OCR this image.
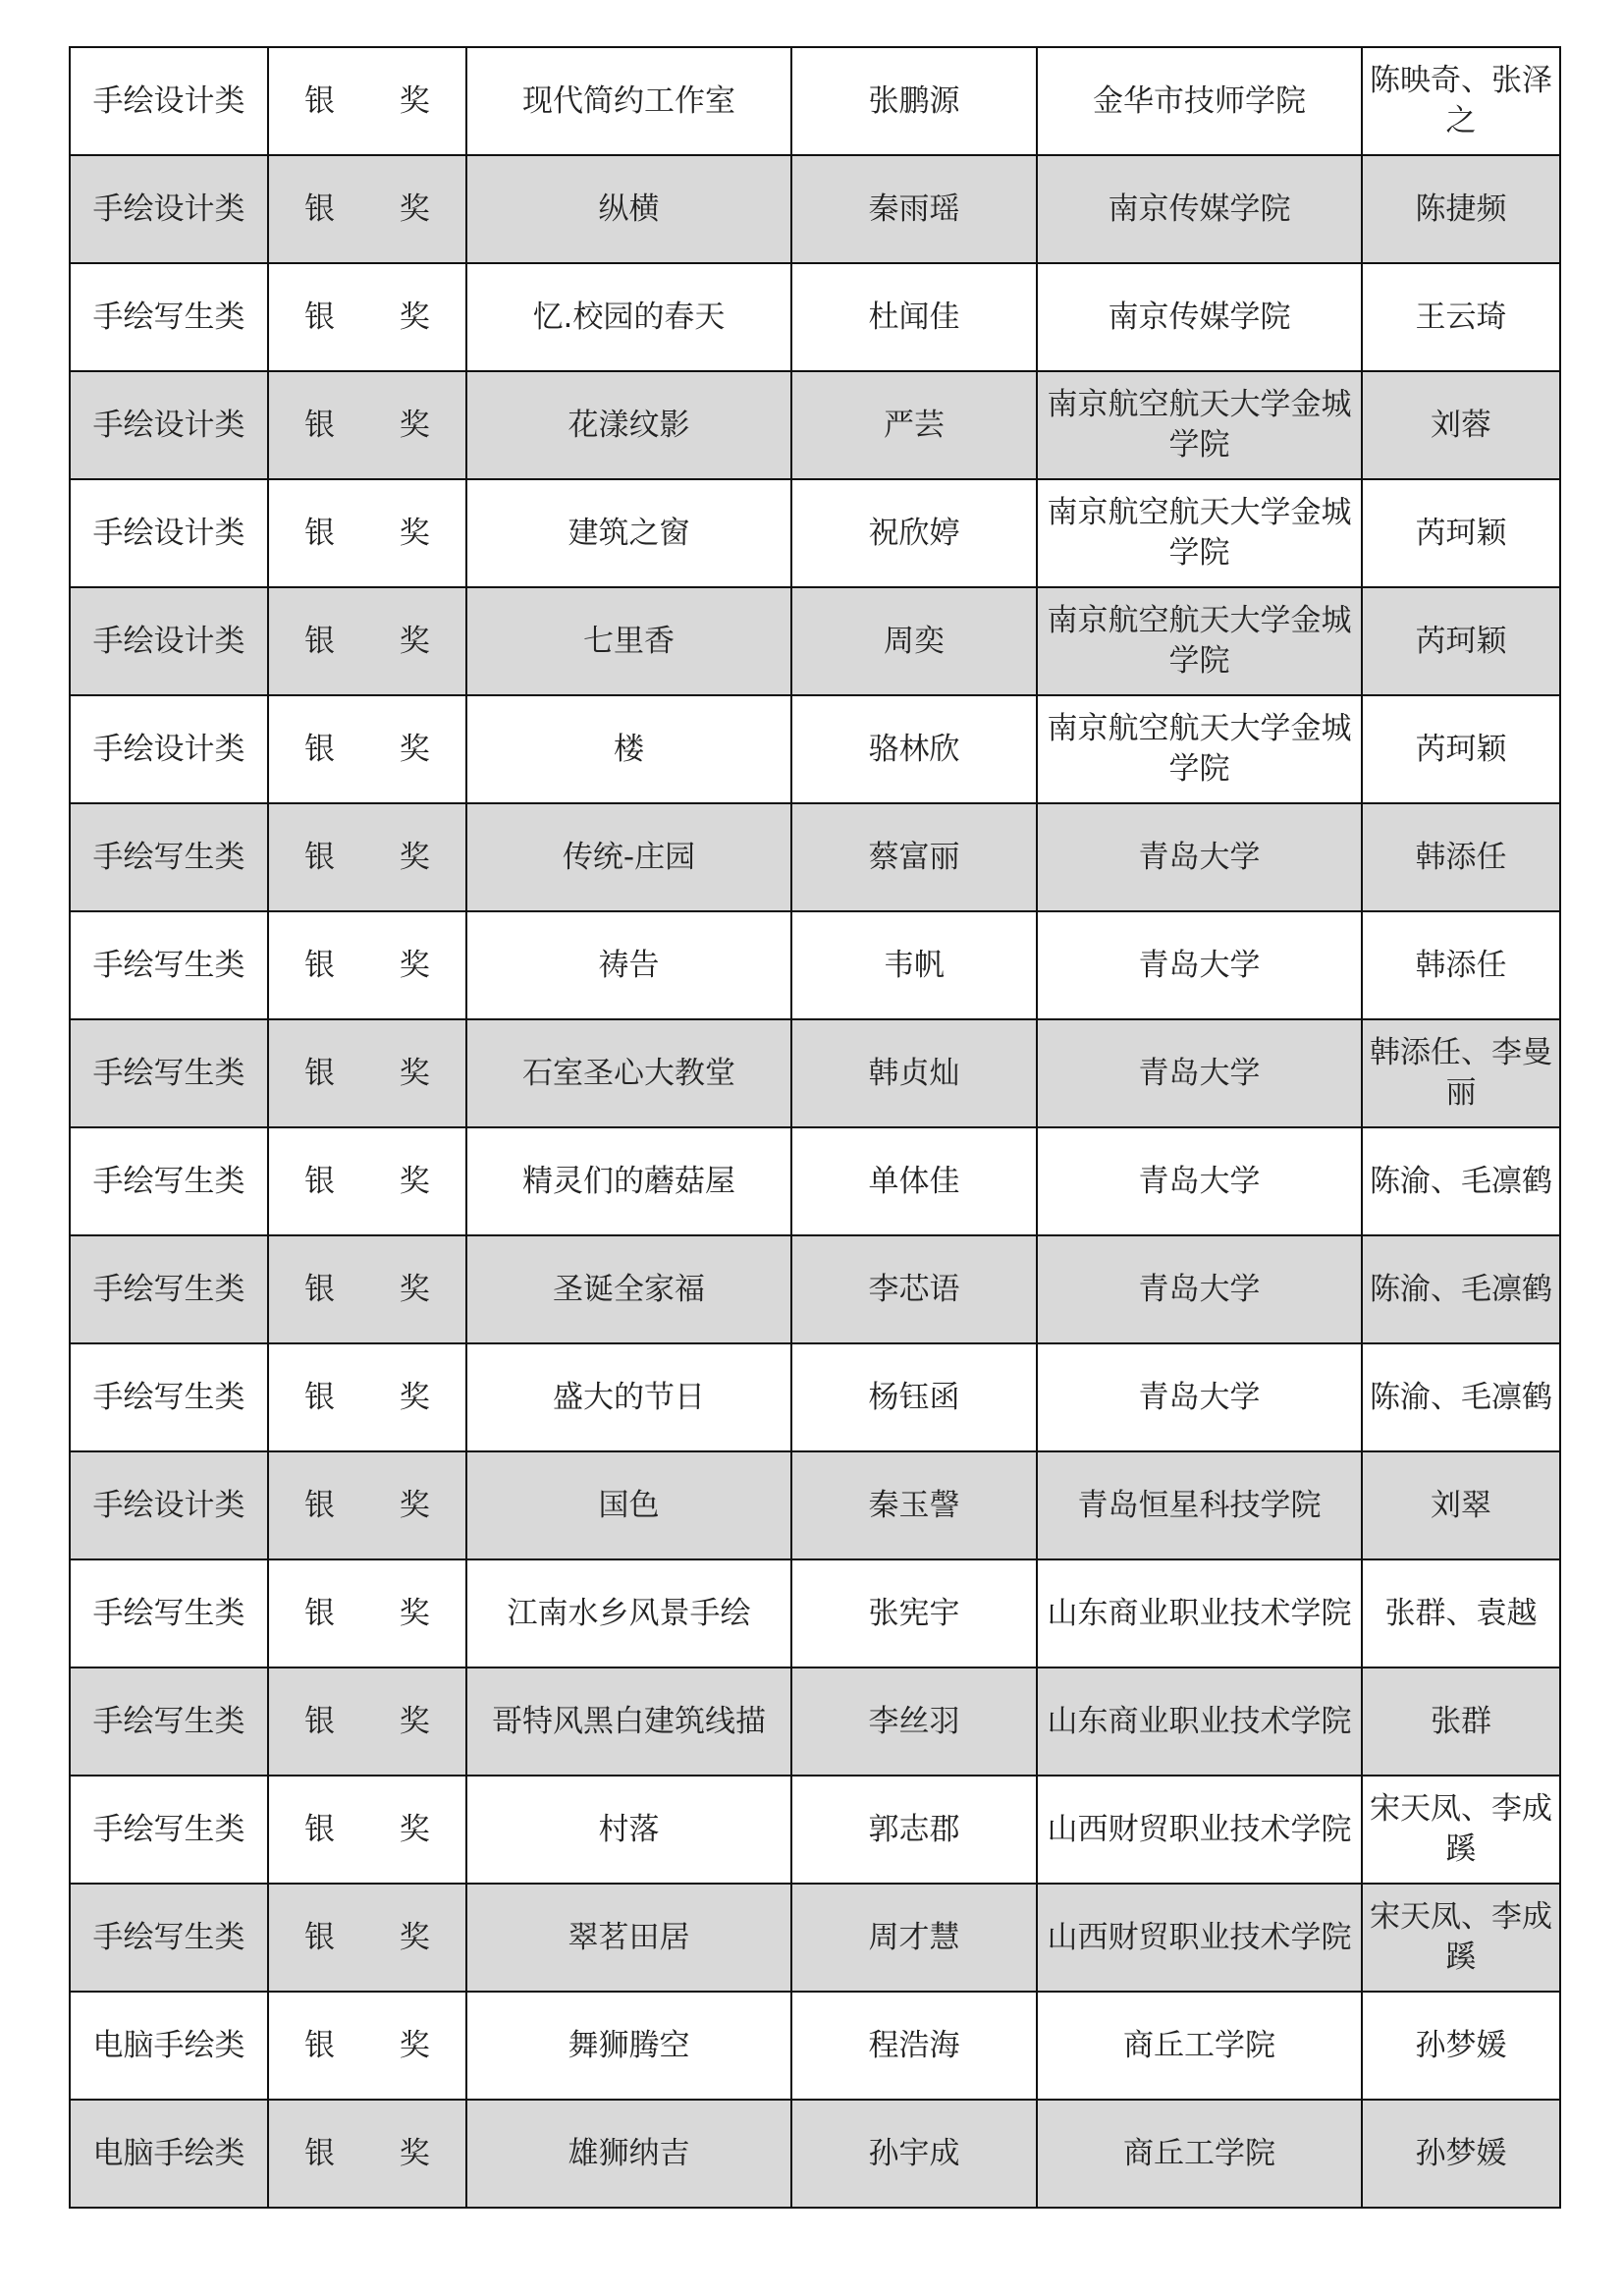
手绘设计类	银 奖	现代简约工作室	张鹏源	金华市技师学院	陈映奇、张泽之
手绘设计类	银 奖	纵横	秦雨瑶	南京传媒学院	陈捷频
手绘写生类	银 奖	忆.校园的春天	杜闻佳	南京传媒学院	王云琦
手绘设计类	银 奖	花漾纹影	严芸	南京航空航天大学金城学院	刘蓉
手绘设计类	银 奖	建筑之窗	祝欣婷	南京航空航天大学金城学院	芮珂颖
手绘设计类	银 奖	七里香	周奕	南京航空航天大学金城学院	芮珂颖
手绘设计类	银 奖	楼	骆林欣	南京航空航天大学金城学院	芮珂颖
手绘写生类	银 奖	传统-庄园	蔡富丽	青岛大学	韩添任
手绘写生类	银 奖	祷告	韦帆	青岛大学	韩添任
手绘写生类	银 奖	石室圣心大教堂	韩贞灿	青岛大学	韩添任、李曼丽
手绘写生类	银 奖	精灵们的蘑菇屋	单体佳	青岛大学	陈渝、毛凛鹤
手绘写生类	银 奖	圣诞全家福	李芯语	青岛大学	陈渝、毛凛鹤
手绘写生类	银 奖	盛大的节日	杨钰函	青岛大学	陈渝、毛凛鹤
手绘设计类	银 奖	国色	秦玉謦	青岛恒星科技学院	刘翠
手绘写生类	银 奖	江南水乡风景手绘	张宪宇	山东商业职业技术学院	张群、袁越
手绘写生类	银 奖	哥特风黑白建筑线描	李丝羽	山东商业职业技术学院	张群
手绘写生类	银 奖	村落	郭志郡	山西财贸职业技术学院	宋天凤、李成蹊
手绘写生类	银 奖	翠茗田居	周才慧	山西财贸职业技术学院	宋天凤、李成蹊
电脑手绘类	银 奖	舞狮腾空	程浩海	商丘工学院	孙梦媛
电脑手绘类	银 奖	雄狮纳吉	孙宇成	商丘工学院	孙梦媛
